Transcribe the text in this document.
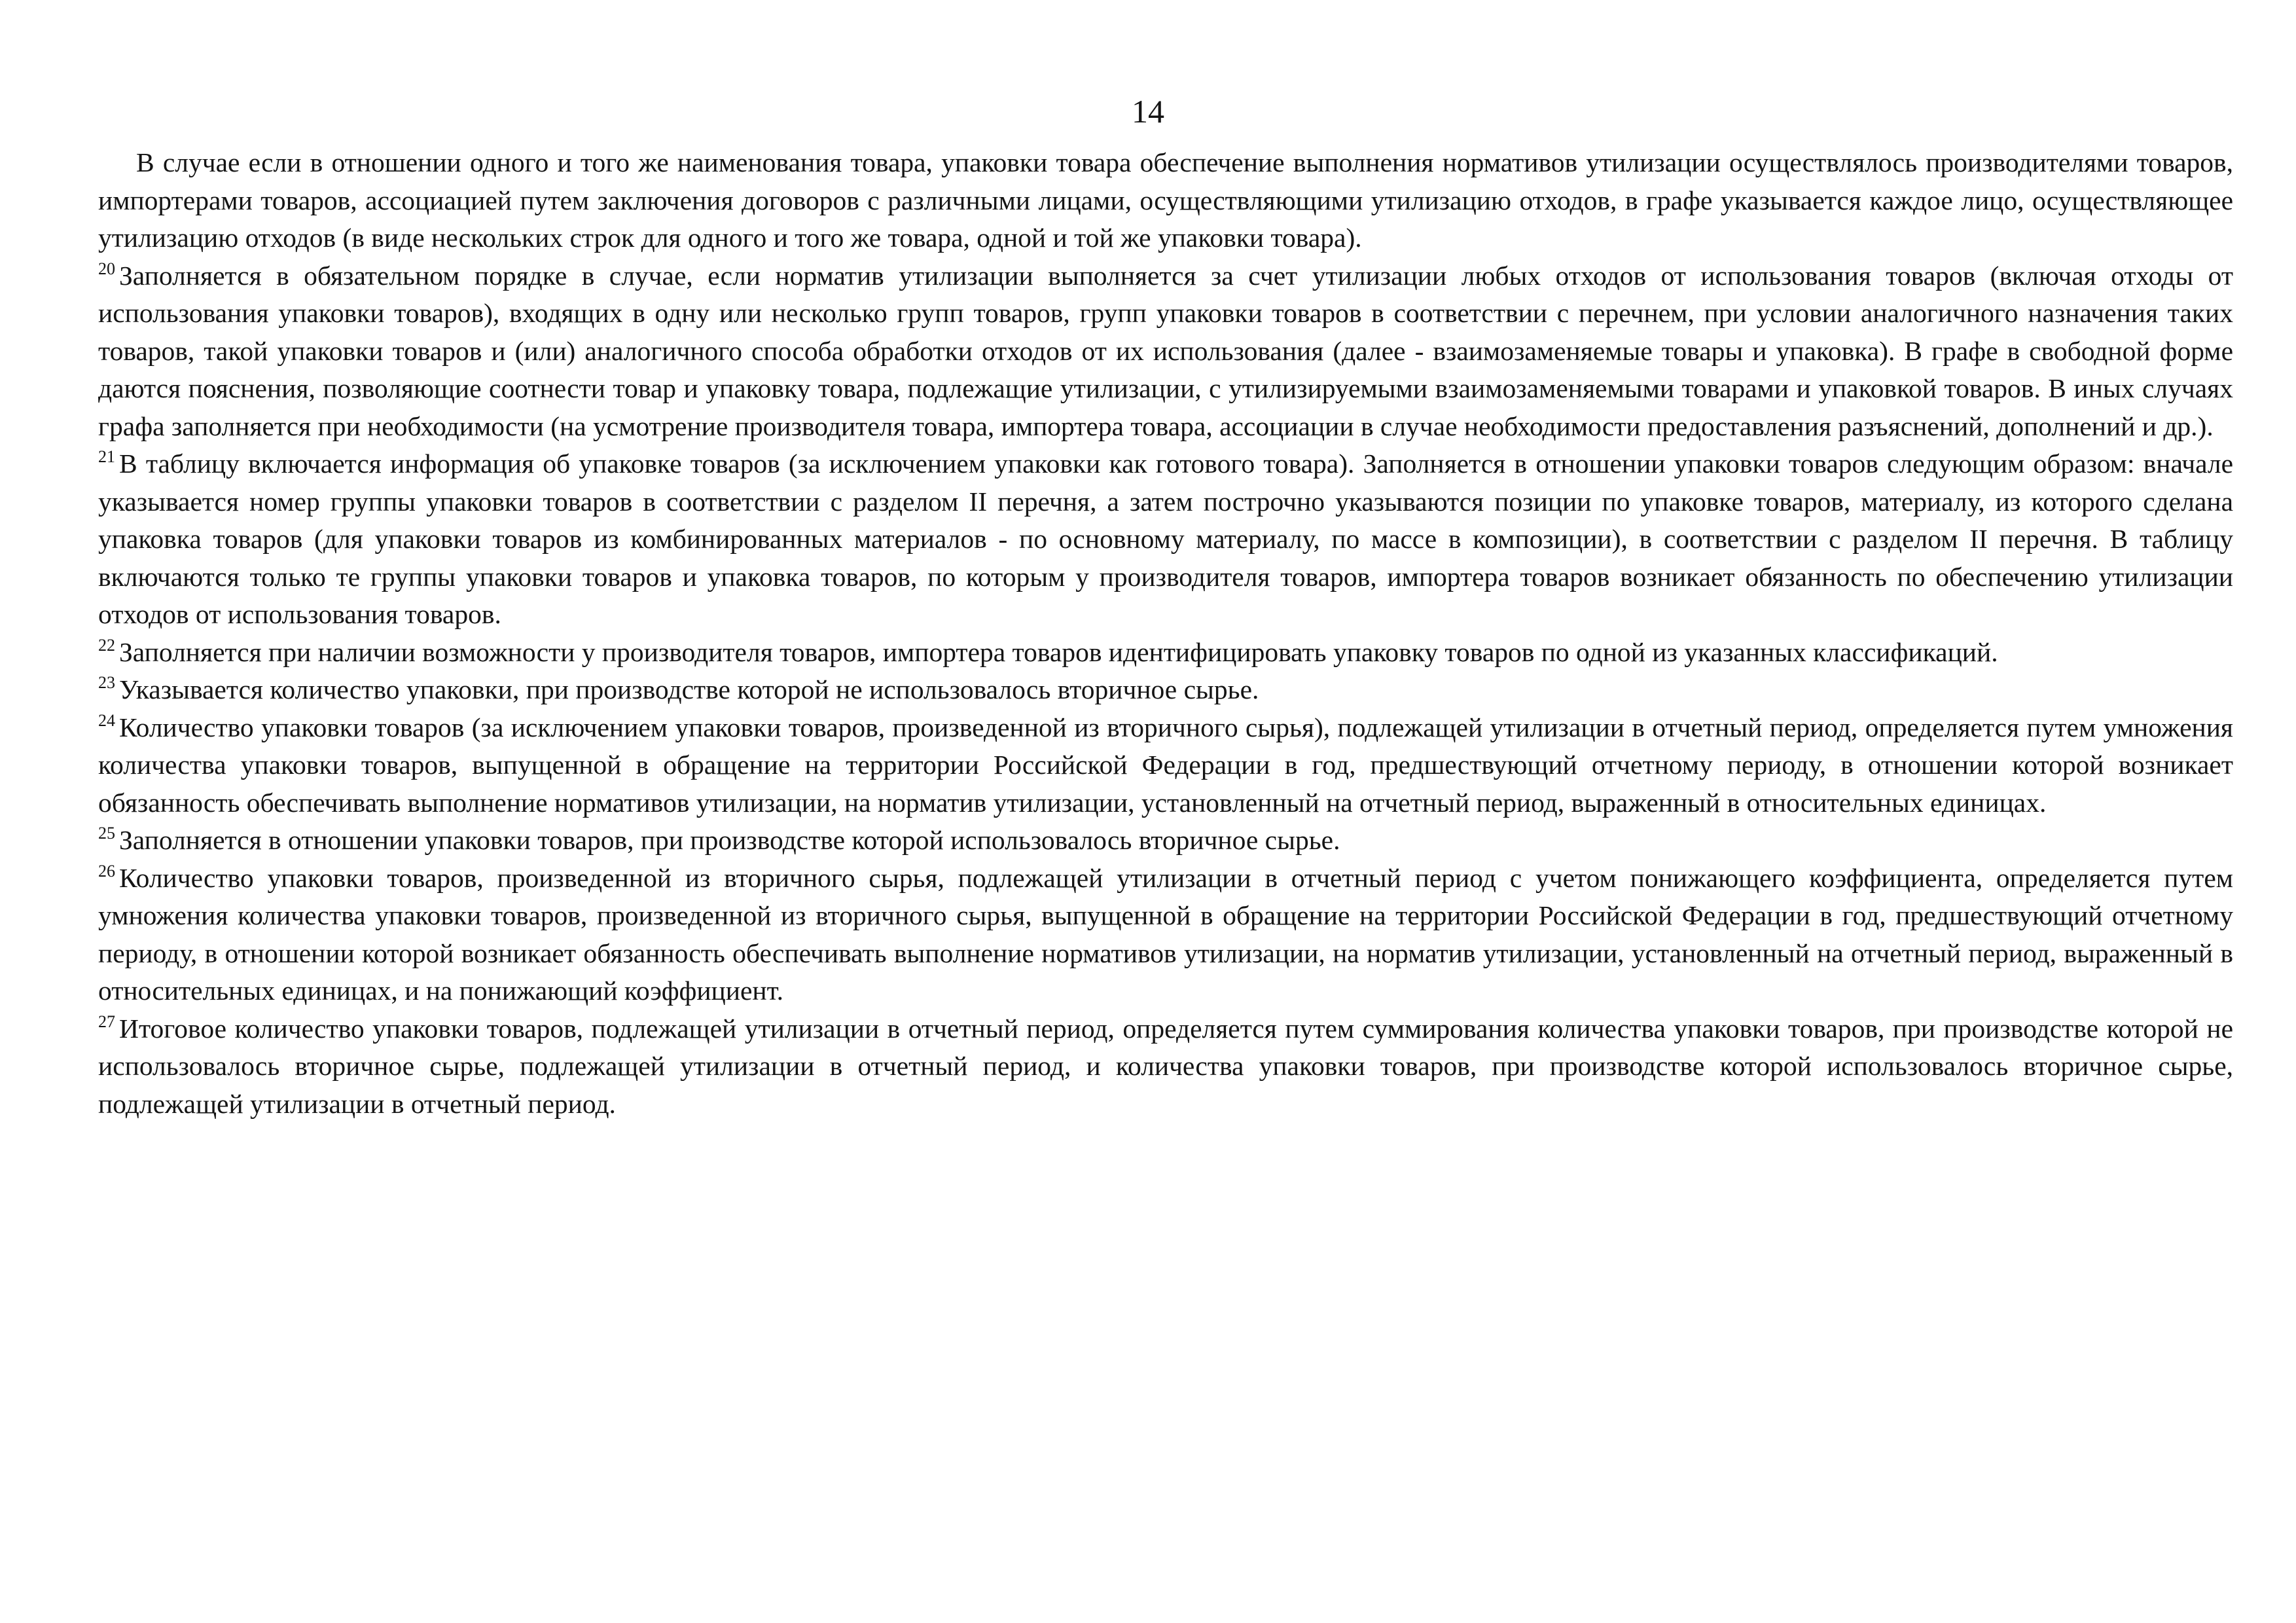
14

В случае если в отношении одного и того же наименования товара, упаковки товара обеспечение выполнения нормативов утилизации осуществлялось производителями товаров, импортерами товаров, ассоциацией путем заключения договоров с различными лицами, осуществляющими утилизацию отходов, в графе указывается каждое лицо, осуществляющее утилизацию отходов (в виде нескольких строк для одного и того же товара, одной и той же упаковки товара).

$^{20}$ Заполняется в обязательном порядке в случае, если норматив утилизации выполняется за счет утилизации любых отходов от использования товаров (включая отходы от использования упаковки товаров), входящих в одну или несколько групп товаров, групп упаковки товаров в соответствии с перечнем, при условии аналогичного назначения таких товаров, такой упаковки товаров и (или) аналогичного способа обработки отходов от их использования (далее - взаимозаменяемые товары и упаковка). В графе в свободной форме даются пояснения, позволяющие соотнести товар и упаковку товара, подлежащие утилизации, с утилизируемыми взаимозаменяемыми товарами и упаковкой товаров. В иных случаях графа заполняется при необходимости (на усмотрение производителя товара, импортера товара, ассоциации в случае необходимости предоставления разъяснений, дополнений и др.).

$^{21}$ В таблицу включается информация об упаковке товаров (за исключением упаковки как готового товара). Заполняется в отношении упаковки товаров следующим образом: вначале указывается номер группы упаковки товаров в соответствии с разделом II перечня, а затем построчно указываются позиции по упаковке товаров, материалу, из которого сделана упаковка товаров (для упаковки товаров из комбинированных материалов - по основному материалу, по массе в композиции), в соответствии с разделом II перечня. В таблицу включаются только те группы упаковки товаров и упаковка товаров, по которым у производителя товаров, импортера товаров возникает обязанность по обеспечению утилизации отходов от использования товаров.

$^{22}$ Заполняется при наличии возможности у производителя товаров, импортера товаров идентифицировать упаковку товаров по одной из указанных классификаций.

$^{23}$ Указывается количество упаковки, при производстве которой не использовалось вторичное сырье.

$^{24}$ Количество упаковки товаров (за исключением упаковки товаров, произведенной из вторичного сырья), подлежащей утилизации в отчетный период, определяется путем умножения количества упаковки товаров, выпущенной в обращение на территории Российской Федерации в год, предшествующий отчетному периоду, в отношении которой возникает обязанность обеспечивать выполнение нормативов утилизации, на норматив утилизации, установленный на отчетный период, выраженный в относительных единицах.

$^{25}$ Заполняется в отношении упаковки товаров, при производстве которой использовалось вторичное сырье.

$^{26}$ Количество упаковки товаров, произведенной из вторичного сырья, подлежащей утилизации в отчетный период с учетом понижающего коэффициента, определяется путем умножения количества упаковки товаров, произведенной из вторичного сырья, выпущенной в обращение на территории Российской Федерации в год, предшествующий отчетному периоду, в отношении которой возникает обязанность обеспечивать выполнение нормативов утилизации, на норматив утилизации, установленный на отчетный период, выраженный в относительных единицах, и на понижающий коэффициент.

$^{27}$ Итоговое количество упаковки товаров, подлежащей утилизации в отчетный период, определяется путем суммирования количества упаковки товаров, при производстве которой не использовалось вторичное сырье, подлежащей утилизации в отчетный период, и количества упаковки товаров, при производстве которой использовалось вторичное сырье, подлежащей утилизации в отчетный период.
